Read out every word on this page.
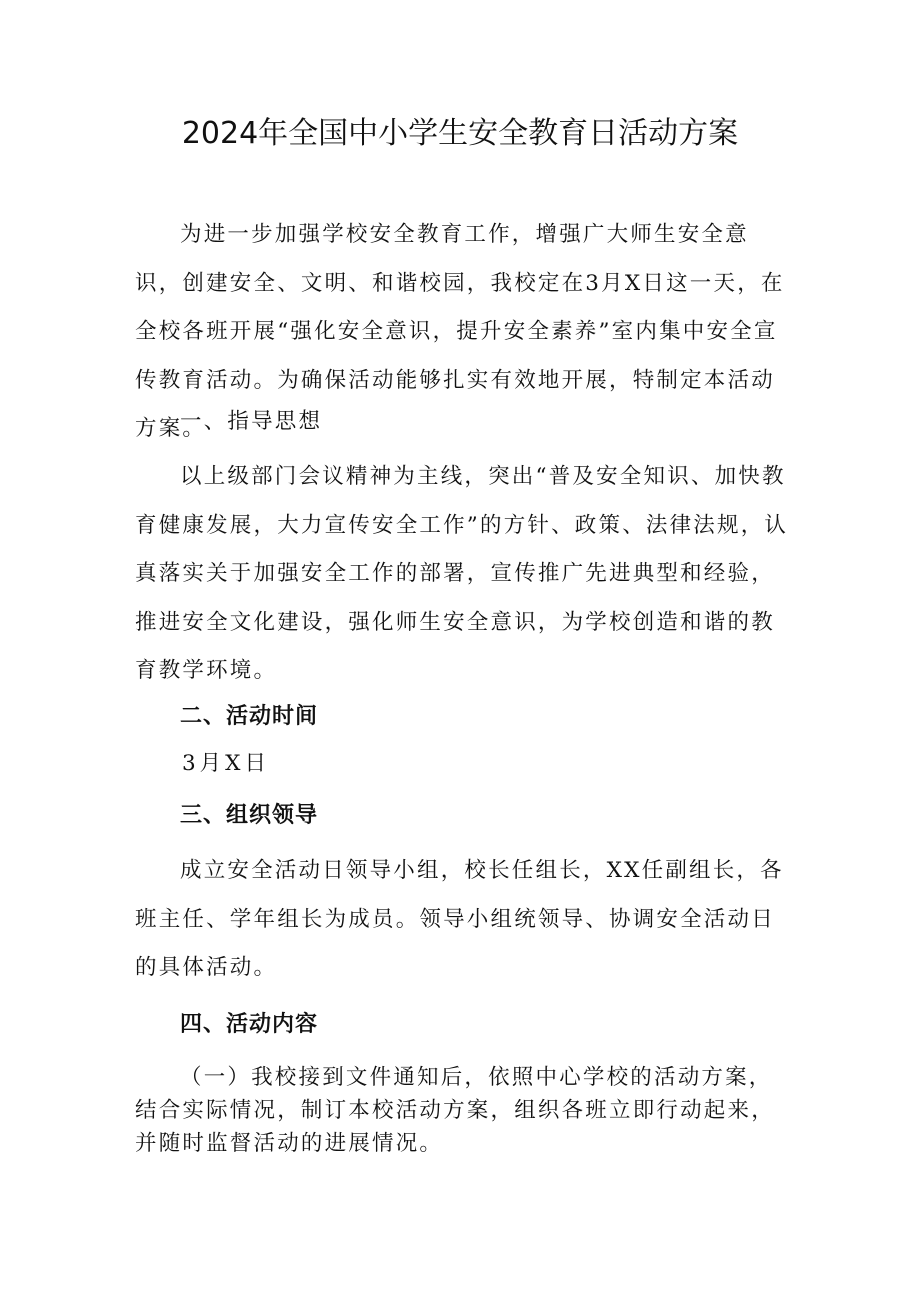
2024年全国中小学生安全教育日活动方案

为进一步加强学校安全教育工作，增强广大师生安全意识，创建安全、文明、和谐校园，我校定在3月X日这一天，在全校各班开展“强化安全意识，提升安全素养”室内集中安全宣传教育活动。为确保活动能够扎实有效地开展，特制定本活动方案。

一、指导思想

以上级部门会议精神为主线，突出“普及安全知识、加快教育健康发展，大力宣传安全工作”的方针、政策、法律法规，认真落实关于加强安全工作的部署，宣传推广先进典型和经验，推进安全文化建设，强化师生安全意识，为学校创造和谐的教育教学环境。

二、活动时间

3月X日

三、组织领导

成立安全活动日领导小组，校长任组长，XX任副组长，各班主任、学年组长为成员。领导小组统领导、协调安全活动日的具体活动。

四、活动内容

（一）我校接到文件通知后，依照中心学校的活动方案，结合实际情况，制订本校活动方案，组织各班立即行动起来，并随时监督活动的进展情况。
